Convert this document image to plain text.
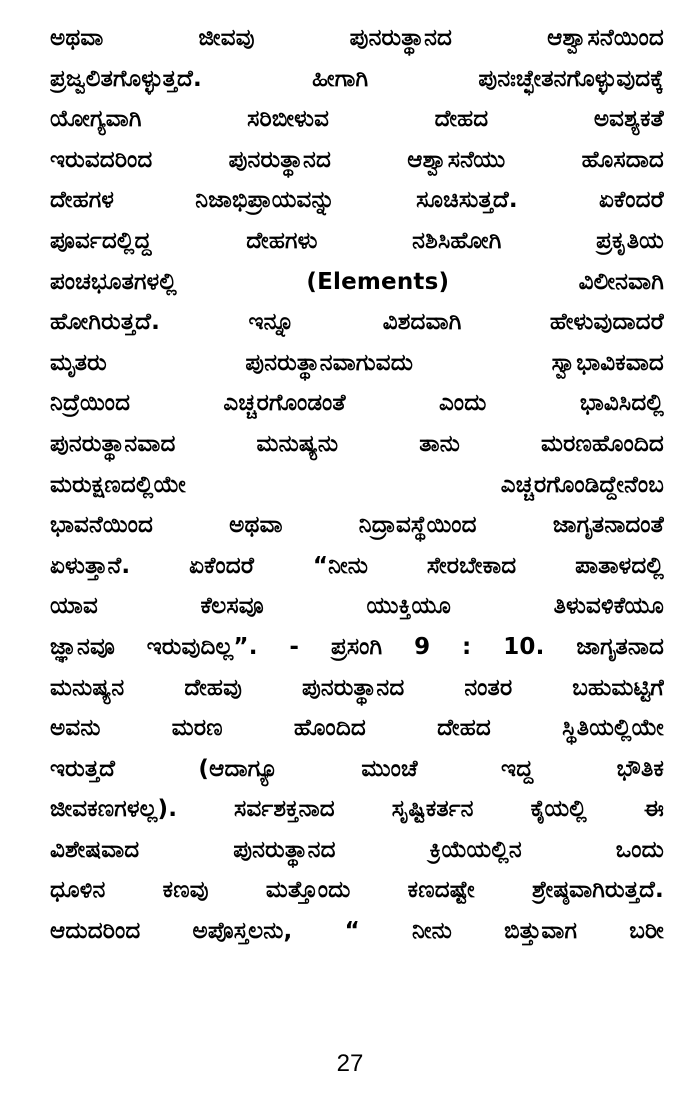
ಅಥವಾ ಜೀವವು ಪುನರುತ್ಥಾನದ ಆಶ್ವಾಸನೆಯಿಂದ
ಪ್ರಜ್ವಲಿತಗೊಳ್ಳುತ್ತದೆ. ಹೀಗಾಗಿ ಪುನಃಚ್ಛೇತನಗೊಳ್ಳುವುದಕ್ಕೆ
ಯೋಗ್ಯವಾಗಿ ಸರಿಬೀಳುವ ದೇಹದ ಅವಶ್ಯಕತೆ
ಇರುವದರಿಂದ ಪುನರುತ್ಥಾನದ ಆಶ್ವಾಸನೆಯು ಹೊಸದಾದ
ದೇಹಗಳ ನಿಜಾಭಿಪ್ರಾಯವನ್ನು ಸೂಚಿಸುತ್ತದೆ. ಏಕೆಂದರೆ
ಪೂರ್ವದಲ್ಲಿದ್ದ ದೇಹಗಳು ನಶಿಸಿಹೋಗಿ ಪ್ರಕೃತಿಯ
ಪಂಚಭೂತಗಳಲ್ಲಿ (Elements) ವಿಲೀನವಾಗಿ
ಹೋಗಿರುತ್ತದೆ. ಇನ್ನೂ ವಿಶದವಾಗಿ ಹೇಳುವುದಾದರೆ
ಮೃತರು ಪುನರುತ್ಥಾನವಾಗುವದು ಸ್ವಾಭಾವಿಕವಾದ
ನಿದ್ರೆಯಿಂದ ಎಚ್ಚರಗೊಂಡಂತೆ ಎಂದು ಭಾವಿಸಿದಲ್ಲಿ
ಪುನರುತ್ಥಾನವಾದ ಮನುಷ್ಯನು ತಾನು ಮರಣಹೊಂದಿದ
ಮರುಕ್ಷಣದಲ್ಲಿಯೇ ಎಚ್ಚರಗೊಂಡಿದ್ದೇನೆಂಬ
ಭಾವನೆಯಿಂದ ಅಥವಾ ನಿದ್ರಾವಸ್ಥೆಯಿಂದ ಜಾಗೃತನಾದಂತೆ
ಏಳುತ್ತಾನೆ. ಏಕೆಂದರೆ “ನೀನು ಸೇರಬೇಕಾದ ಪಾತಾಳದಲ್ಲಿ
ಯಾವ ಕೆಲಸವೂ ಯುಕ್ತಿಯೂ ತಿಳುವಳಿಕೆಯೂ
ಜ್ಞಾನವೂ ಇರುವುದಿಲ್ಲ”. - ಪ್ರಸಂಗಿ 9 : 10. ಜಾಗೃತನಾದ
ಮನುಷ್ಯನ ದೇಹವು ಪುನರುತ್ಥಾನದ ನಂತರ ಬಹುಮಟ್ಟಿಗೆ
ಅವನು ಮರಣ ಹೊಂದಿದ ದೇಹದ ಸ್ಥಿತಿಯಲ್ಲಿಯೇ
ಇರುತ್ತದೆ (ಆದಾಗ್ಯೂ ಮುಂಚೆ ಇದ್ದ ಭೌತಿಕ
ಜೀವಕಣಗಳಲ್ಲ). ಸರ್ವಶಕ್ತನಾದ ಸೃಷ್ಟಿಕರ್ತನ ಕೈಯಲ್ಲಿ ಈ
ವಿಶೇಷವಾದ ಪುನರುತ್ಥಾನದ ಕ್ರಿಯೆಯಲ್ಲಿನ ಒಂದು
ಧೂಳಿನ ಕಣವು ಮತ್ತೊಂದು ಕಣದಷ್ಟೇ ಶ್ರೇಷ್ಠವಾಗಿರುತ್ತದೆ.
ಆದುದರಿಂದ ಅಪೊಸ್ತಲನು, “ ನೀನು ಬಿತ್ತುವಾಗ ಬರೀ
27
